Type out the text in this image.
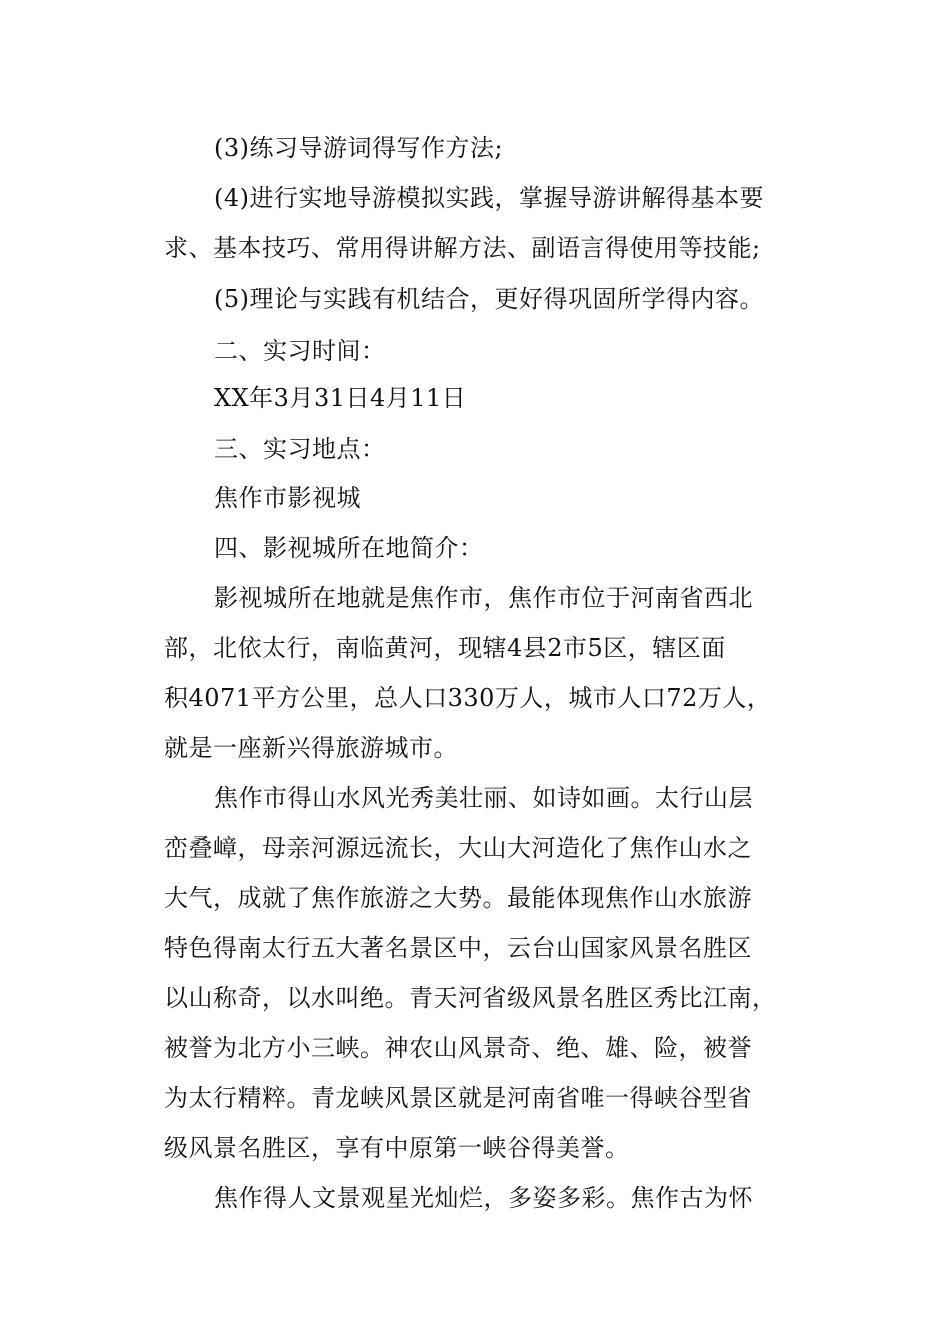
(3)练习导游词得写作方法;
(4)进行实地导游模拟实践，掌握导游讲解得基本要
求、基本技巧、常用得讲解方法、副语言得使用等技能;
(5)理论与实践有机结合，更好得巩固所学得内容。
二、实习时间：
XX年3月31日4月11日
三、实习地点：
焦作市影视城
四、影视城所在地简介：
影视城所在地就是焦作市，焦作市位于河南省西北
部，北依太行，南临黄河，现辖4县2市5区，辖区面
积4071平方公里，总人口330万人，城市人口72万人，
就是一座新兴得旅游城市。
焦作市得山水风光秀美壮丽、如诗如画。太行山层
峦叠嶂，母亲河源远流长，大山大河造化了焦作山水之
大气，成就了焦作旅游之大势。最能体现焦作山水旅游
特色得南太行五大著名景区中，云台山国家风景名胜区
以山称奇，以水叫绝。青天河省级风景名胜区秀比江南，
被誉为北方小三峡。神农山风景奇、绝、雄、险，被誉
为太行精粹。青龙峡风景区就是河南省唯一得峡谷型省
级风景名胜区，享有中原第一峡谷得美誉。
焦作得人文景观星光灿烂，多姿多彩。焦作古为怀
